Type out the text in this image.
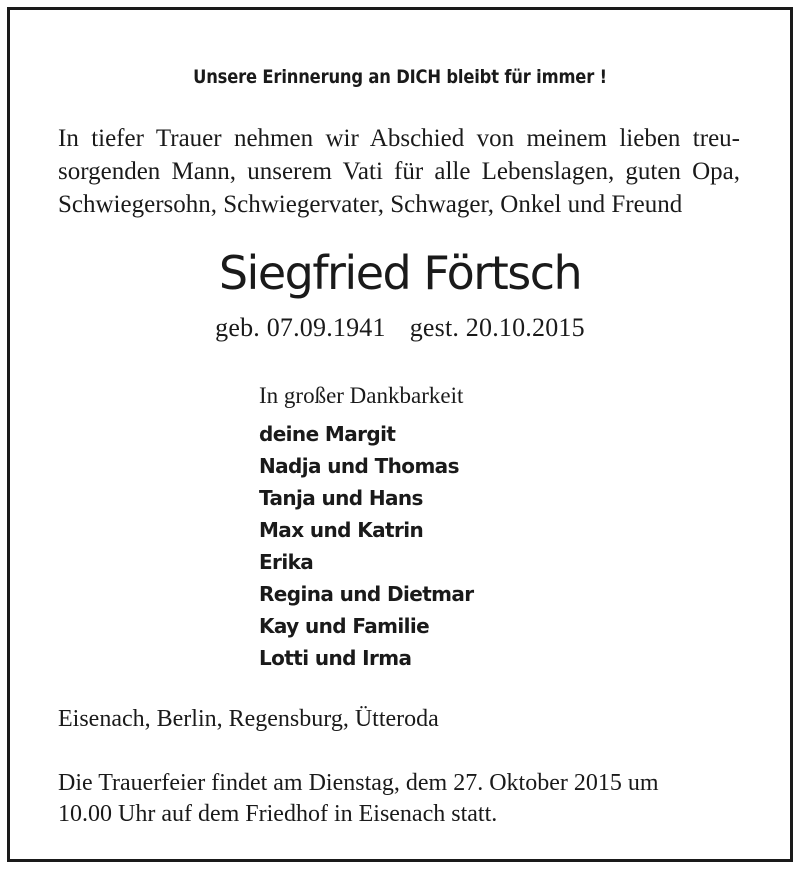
Unsere Erinnerung an DICH bleibt für immer !
In tiefer Trauer nehmen wir Abschied von meinem lieben treu-
sorgenden Mann, unserem Vati für alle Lebenslagen, guten Opa,
Schwiegersohn, Schwiegervater, Schwager, Onkel und Freund
Siegfried Förtsch
geb. 07.09.1941 gest. 20.10.2015
In großer Dankbarkeit
deine Margit
Nadja und Thomas
Tanja und Hans
Max und Katrin
Erika
Regina und Dietmar
Kay und Familie
Lotti und Irma
Eisenach, Berlin, Regensburg, Ütteroda
Die Trauerfeier findet am Dienstag, dem 27. Oktober 2015 um
10.00 Uhr auf dem Friedhof in Eisenach statt.
